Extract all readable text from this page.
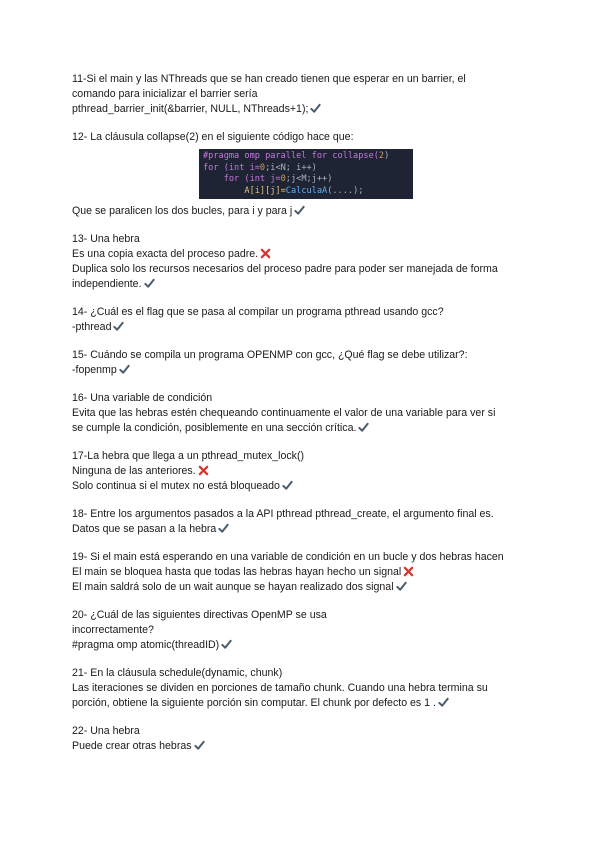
11-Si el main y las NThreads que se han creado tienen que esperar en un barrier, el
comando para inicializar el barrier sería
pthread_barrier_init(&barrier, NULL, NThreads+1);
12- La cláusula collapse(2) en el siguiente código hace que:
#pragma omp parallel for collapse(2)
for (int i=0;i<N; i++)
for (int j=0;j<M;j++)
A[i][j]=CalculaA(....);
Que se paralicen los dos bucles, para i y para j
13- Una hebra
Es una copia exacta del proceso padre.
Duplica solo los recursos necesarios del proceso padre para poder ser manejada de forma
independiente.
14- ¿Cuál es el flag que se pasa al compilar un programa pthread usando gcc?
-pthread
15- Cuándo se compila un programa OPENMP con gcc, ¿Qué flag se debe utilizar?:
-fopenmp
16- Una variable de condición
Evita que las hebras estén chequeando continuamente el valor de una variable para ver si
se cumple la condición, posiblemente en una sección crítica.
17-La hebra que llega a un pthread_mutex_lock()
Ninguna de las anteriores.
Solo continua si el mutex no está bloqueado
18- Entre los argumentos pasados a la API pthread pthread_create, el argumento final es.
Datos que se pasan a la hebra
19- Si el main está esperando en una variable de condición en un bucle y dos hebras hacen
El main se bloquea hasta que todas las hebras hayan hecho un signal
El main saldrá solo de un wait aunque se hayan realizado dos signal
20- ¿Cuál de las siguientes directivas OpenMP se usa
incorrectamente?
#pragma omp atomic(threadID)
21- En la cláusula schedule(dynamic, chunk)
Las iteraciones se dividen en porciones de tamaño chunk. Cuando una hebra termina su
porción, obtiene la siguiente porción sin computar. El chunk por defecto es 1 .
22- Una hebra
Puede crear otras hebras
